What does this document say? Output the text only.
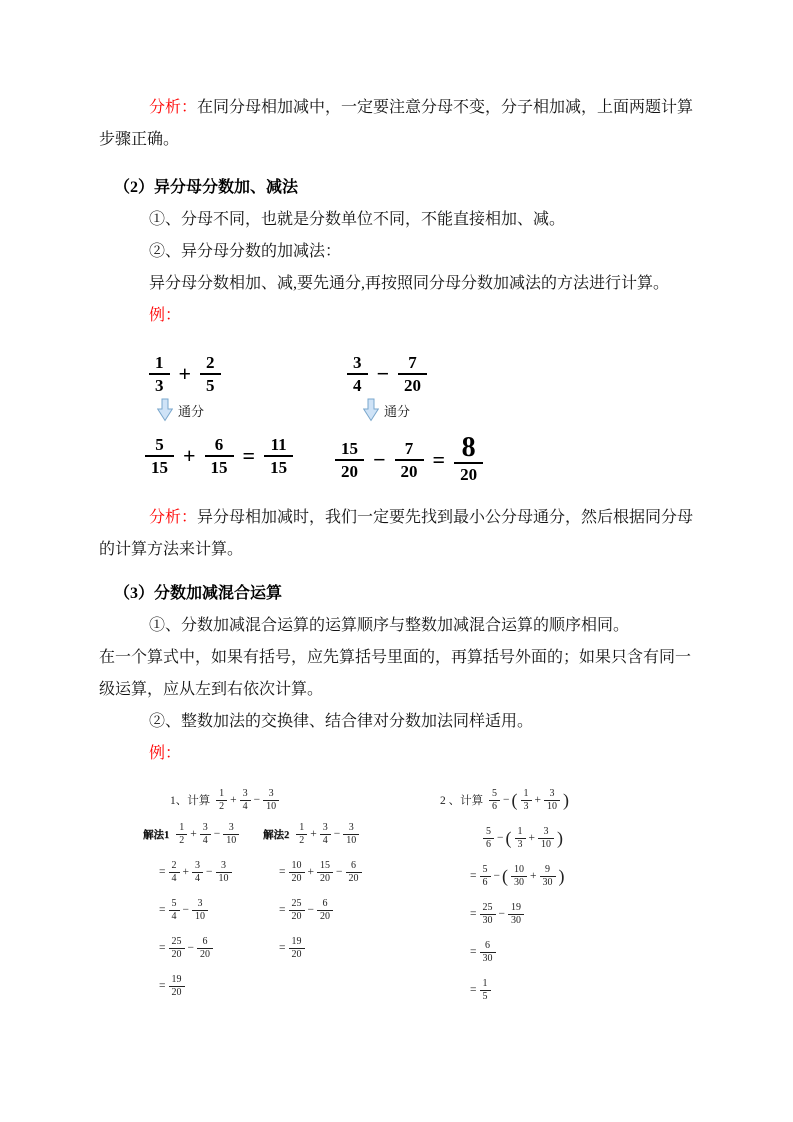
分析：在同分母相加减中，一定要注意分母不变，分子相加减，上面两题计算步骤正确。

（2）异分母分数加、减法

①、分母不同，也就是分数单位不同，不能直接相加、减。

②、异分母分数的加减法：

异分母分数相加、减,要先通分,再按照同分母分数加减法的方法进行计算。

例：

$\frac{1}{3} + \frac{2}{5}$	$\frac{3}{4} - \frac{7}{20}$
通分	通分
$\frac{5}{15} + \frac{6}{15} = \frac{11}{15} \frac{15}{20} - \frac{7}{20} = \frac{8}{20}$

分析：异分母相加减时，我们一定要先找到最小公分母通分，然后根据同分母的计算方法来计算。

（3）分数加减混合运算

①、分数加减混合运算的运算顺序与整数加减混合运算的顺序相同。

在一个算式中，如果有括号，应先算括号里面的，再算括号外面的；如果只含有同一级运算，应从左到右依次计算。

②、整数加法的交换律、结合律对分数加法同样适用。

例：

1、计算 $\frac{1}{2} + \frac{3}{4} - \frac{3}{10}$
解法$1 \frac{1}{2} + \frac{3}{4} - \frac{3}{10}$
= $\frac{2}{4} + \frac{3}{4} - \frac{3}{10}$
= $\frac{5}{4} - \frac{3}{10}$
= $\frac{25}{20} - \frac{6}{20}$
= $\frac{19}{20}$
解法$2 \frac{1}{2} + \frac{3}{4} - \frac{3}{10}$
= $\frac{10}{20} + \frac{15}{20} - \frac{6}{20}$
= $\frac{25}{20} - \frac{6}{20}$
= $\frac{19}{20}$
2 、计算 $\frac{5}{6}$ − ( $\frac{1}{3} + \frac{3}{10}$ )
$\frac{5}{6}$ − ( $\frac{1}{3} + \frac{3}{10}$ )
= $\frac{5}{6}$ − ( $\frac{10}{30} + \frac{9}{30}$ )
= $\frac{25}{30} - \frac{19}{30}$
= $\frac{6}{30}$
= $\frac{1}{5}$
